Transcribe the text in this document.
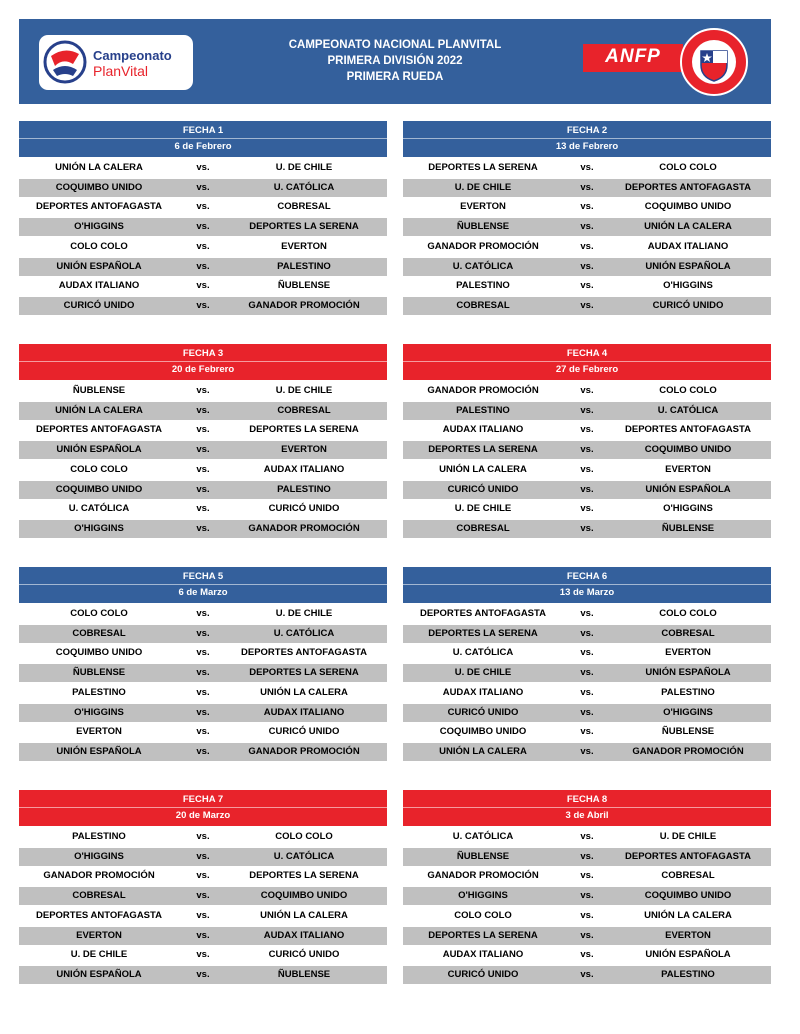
Campeonato
PlanVital
CAMPEONATO NACIONAL PLANVITAL
PRIMERA DIVISIÓN 2022
PRIMERA RUEDA
ANFP
FECHA 1
6 de Febrero
UNIÓN LA CALERA	vs.	U. DE CHILE
COQUIMBO UNIDO	vs.	U. CATÓLICA
DEPORTES ANTOFAGASTA	vs.	COBRESAL
O'HIGGINS	vs.	DEPORTES LA SERENA
COLO COLO	vs.	EVERTON
UNIÓN ESPAÑOLA	vs.	PALESTINO
AUDAX ITALIANO	vs.	ÑUBLENSE
CURICÓ UNIDO	vs.	GANADOR PROMOCIÓN
FECHA 2
13 de Febrero
DEPORTES LA SERENA	vs.	COLO COLO
U. DE CHILE	vs.	DEPORTES ANTOFAGASTA
EVERTON	vs.	COQUIMBO UNIDO
ÑUBLENSE	vs.	UNIÓN LA CALERA
GANADOR PROMOCIÓN	vs.	AUDAX ITALIANO
U. CATÓLICA	vs.	UNIÓN ESPAÑOLA
PALESTINO	vs.	O'HIGGINS
COBRESAL	vs.	CURICÓ UNIDO
FECHA 3
20 de Febrero
ÑUBLENSE	vs.	U. DE CHILE
UNIÓN LA CALERA	vs.	COBRESAL
DEPORTES ANTOFAGASTA	vs.	DEPORTES LA SERENA
UNIÓN ESPAÑOLA	vs.	EVERTON
COLO COLO	vs.	AUDAX ITALIANO
COQUIMBO UNIDO	vs.	PALESTINO
U. CATÓLICA	vs.	CURICÓ UNIDO
O'HIGGINS	vs.	GANADOR PROMOCIÓN
FECHA 4
27 de Febrero
GANADOR PROMOCIÓN	vs.	COLO COLO
PALESTINO	vs.	U. CATÓLICA
AUDAX ITALIANO	vs.	DEPORTES ANTOFAGASTA
DEPORTES LA SERENA	vs.	COQUIMBO UNIDO
UNIÓN LA CALERA	vs.	EVERTON
CURICÓ UNIDO	vs.	UNIÓN ESPAÑOLA
U. DE CHILE	vs.	O'HIGGINS
COBRESAL	vs.	ÑUBLENSE
FECHA 5
6 de Marzo
COLO COLO	vs.	U. DE CHILE
COBRESAL	vs.	U. CATÓLICA
COQUIMBO UNIDO	vs.	DEPORTES ANTOFAGASTA
ÑUBLENSE	vs.	DEPORTES LA SERENA
PALESTINO	vs.	UNIÓN LA CALERA
O'HIGGINS	vs.	AUDAX ITALIANO
EVERTON	vs.	CURICÓ UNIDO
UNIÓN ESPAÑOLA	vs.	GANADOR PROMOCIÓN
FECHA 6
13 de Marzo
DEPORTES ANTOFAGASTA	vs.	COLO COLO
DEPORTES LA SERENA	vs.	COBRESAL
U. CATÓLICA	vs.	EVERTON
U. DE CHILE	vs.	UNIÓN ESPAÑOLA
AUDAX ITALIANO	vs.	PALESTINO
CURICÓ UNIDO	vs.	O'HIGGINS
COQUIMBO UNIDO	vs.	ÑUBLENSE
UNIÓN LA CALERA	vs.	GANADOR PROMOCIÓN
FECHA 7
20 de Marzo
PALESTINO	vs.	COLO COLO
O'HIGGINS	vs.	U. CATÓLICA
GANADOR PROMOCIÓN	vs.	DEPORTES LA SERENA
COBRESAL	vs.	COQUIMBO UNIDO
DEPORTES ANTOFAGASTA	vs.	UNIÓN LA CALERA
EVERTON	vs.	AUDAX ITALIANO
U. DE CHILE	vs.	CURICÓ UNIDO
UNIÓN ESPAÑOLA	vs.	ÑUBLENSE
FECHA 8
3 de Abril
U. CATÓLICA	vs.	U. DE CHILE
ÑUBLENSE	vs.	DEPORTES ANTOFAGASTA
GANADOR PROMOCIÓN	vs.	COBRESAL
O'HIGGINS	vs.	COQUIMBO UNIDO
COLO COLO	vs.	UNIÓN LA CALERA
DEPORTES LA SERENA	vs.	EVERTON
AUDAX ITALIANO	vs.	UNIÓN ESPAÑOLA
CURICÓ UNIDO	vs.	PALESTINO
